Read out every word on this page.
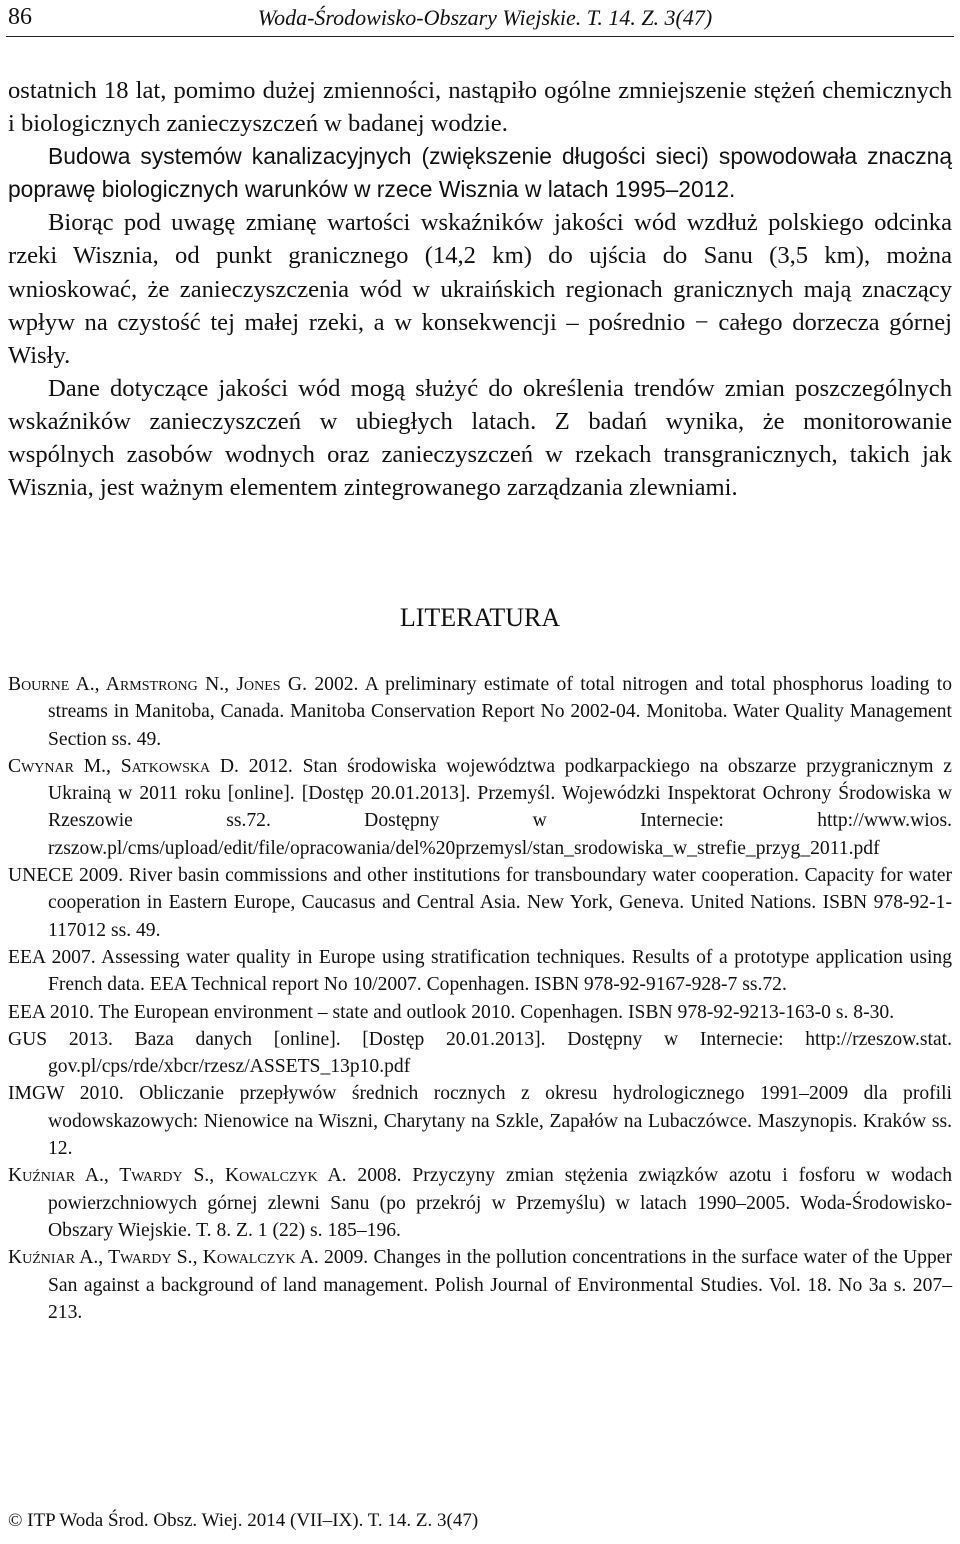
86	Woda-Środowisko-Obszary Wiejskie. T. 14. Z. 3(47)

ostatnich 18 lat, pomimo dużej zmienności, nastąpiło ogólne zmniejszenie stężeń chemicznych i biologicznych zanieczyszczeń w badanej wodzie.

Budowa systemów kanalizacyjnych (zwiększenie długości sieci) spowodowała znaczną poprawę biologicznych warunków w rzece Wisznia w latach 1995‒2012.

Biorąc pod uwagę zmianę wartości wskaźników jakości wód wzdłuż polskiego odcinka rzeki Wisznia, od punkt granicznego (14,2 km) do ujścia do Sanu (3,5 km), można wnioskować, że zanieczyszczenia wód w ukraińskich regionach granicznych mają znaczący wpływ na czystość tej małej rzeki, a w konsekwencji ‒ pośrednio − całego dorzecza górnej Wisły.

Dane dotyczące jakości wód mogą służyć do określenia trendów zmian poszczególnych wskaźników zanieczyszczeń w ubiegłych latach. Z badań wynika, że monitorowanie wspólnych zasobów wodnych oraz zanieczyszczeń w rzekach transgranicznych, takich jak Wisznia, jest ważnym elementem zintegrowanego zarządzania zlewniami.

LITERATURA

Bourne A., Armstrong N., Jones G. 2002. A preliminary estimate of total nitrogen and total phosphorus loading to streams in Manitoba, Canada. Manitoba Conservation Report No 2002-04. Monitoba. Water Quality Management Section ss. 49.

Cwynar M., Satkowska D. 2012. Stan środowiska województwa podkarpackiego na obszarze przygranicznym z Ukrainą w 2011 roku [online]. [Dostęp 20.01.2013]. Przemyśl. Wojewódzki Inspektorat Ochrony Środowiska w Rzeszowie ss.72. Dostępny w Internecie: http://www.wios.​rzszow.pl/cms/upload/edit/file/opracowania/del%20przemysl/stan_srodowiska_w_strefie_przyg_​2011.pdf

UNECE 2009. River basin commissions and other institutions for transboundary water cooperation. Capacity for water cooperation in Eastern Europe, Caucasus and Central Asia. New York, Geneva. United Nations. ISBN 978-92-1-117012 ss. 49.

EEA 2007. Assessing water quality in Europe using stratification techniques. Results of a prototype application using French data. EEA Technical report No 10/2007. Copenhagen. ISBN 978-92-9167-928-7 ss.72.

EEA 2010. The European environment ‒ state and outlook 2010. Copenhagen. ISBN 978-92-9213-163-0 s. 8-30.

GUS 2013. Baza danych [online]. [Dostęp 20.01.2013]. Dostępny w Internecie: http://rzeszow.stat.​gov.pl/cps/rde/xbcr/rzesz/ASSETS_13p10.pdf

IMGW 2010. Obliczanie przepływów średnich rocznych z okresu hydrologicznego 1991‒2009 dla profili wodowskazowych: Nienowice na Wiszni, Charytany na Szkle, Zapałów na Lubaczówce. Maszynopis. Kraków ss. 12.

Kuźniar A., Twardy S., Kowalczyk A. 2008. Przyczyny zmian stężenia związków azotu i fosforu w wodach powierzchniowych górnej zlewni Sanu (po przekrój w Przemyślu) w latach 1990‒2005. Woda-Środowisko-Obszary Wiejskie. T. 8. Z. 1 (22) s. 185‒196.

Kuźniar A., Twardy S., Kowalczyk A. 2009. Changes in the pollution concentrations in the surface water of the Upper San against a background of land management. Polish Journal of Environmental Studies. Vol. 18. No 3a s. 207‒213.

© ITP Woda Środ. Obsz. Wiej. 2014 (VII–IX). T. 14. Z. 3(47)
